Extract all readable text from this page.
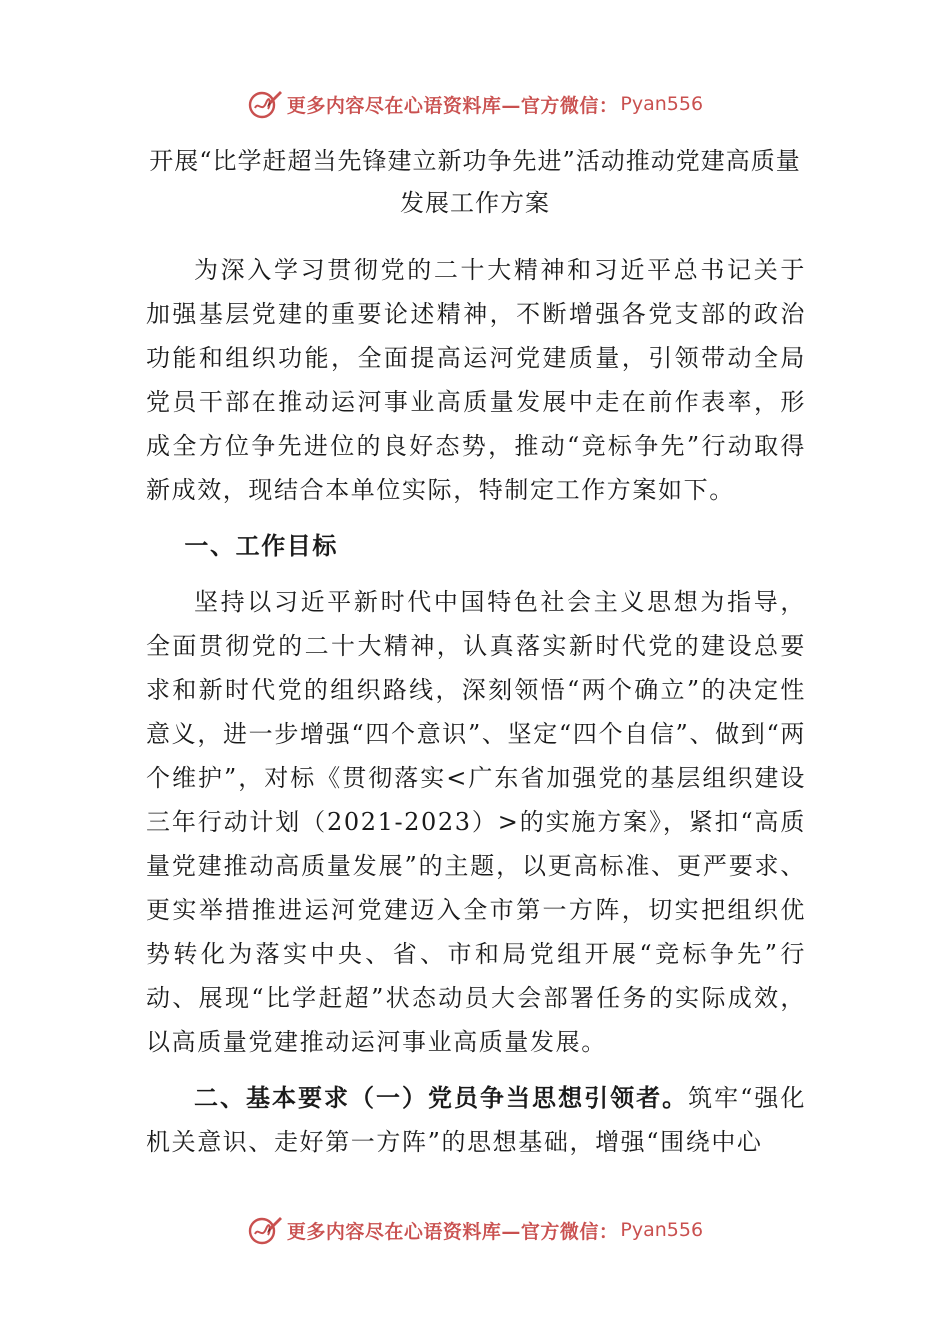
更多内容尽在心语资料库—官方微信： Pyan556
开展“比学赶超当先锋建立新功争先进”活动推动党建高质量发展工作方案

为深入学习贯彻党的二十大精神和习近平总书记关于加强基层党建的重要论述精神，不断增强各党支部的政治功能和组织功能，全面提高运河党建质量，引领带动全局党员干部在推动运河事业高质量发展中走在前作表率，形成全方位争先进位的良好态势，推动“竞标争先”行动取得新成效，现结合本单位实际，特制定工作方案如下。

一、工作目标

坚持以习近平新时代中国特色社会主义思想为指导，全面贯彻党的二十大精神，认真落实新时代党的建设总要求和新时代党的组织路线，深刻领悟“两个确立”的决定性意义，进一步增强“四个意识”、坚定“四个自信”、做到“两个维护”，对标《贯彻落实<广东省加强党的基层组织建设三年行动计划（2021-2023）>的实施方案》，紧扣“高质量党建推动高质量发展”的主题，以更高标准、更严要求、更实举措推进运河党建迈入全市第一方阵，切实把组织优势转化为落实中央、省、市和局党组开展“竞标争先”行动、展现“比学赶超”状态动员大会部署任务的实际成效，以高质量党建推动运河事业高质量发展。

二、基本要求（一）党员争当思想引领者。筑牢“强化机关意识、走好第一方阵”的思想基础，增强“围绕中心

更多内容尽在心语资料库—官方微信： Pyan556
